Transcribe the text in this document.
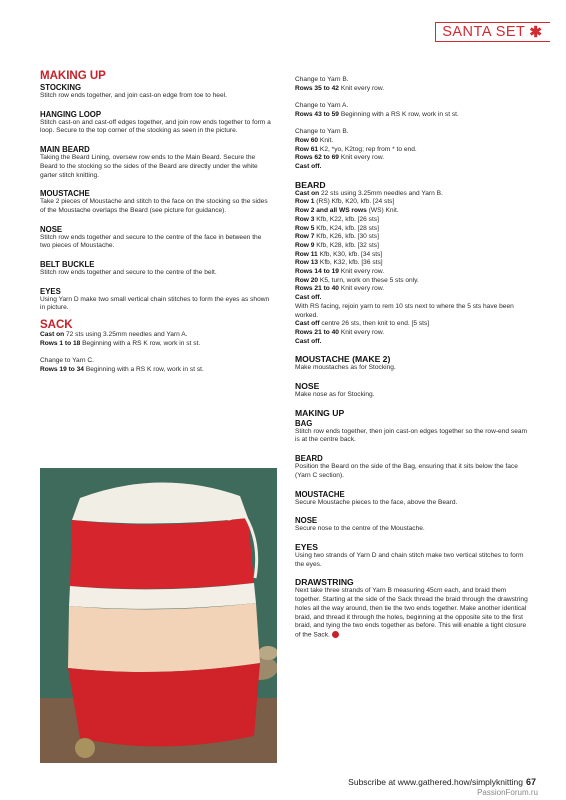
SANTA SET ✱
MAKING UP
STOCKING

Stitch row ends together, and join cast-on edge from toe to heel.

HANGING LOOP

Stitch cast-on and cast-off edges together, and join row ends together to form a loop. Secure to the top corner of the stocking as seen in the picture.

MAIN BEARD

Taking the Beard Lining, oversew row ends to the Main Beard. Secure the Beard to the stocking so the sides of the Beard are directly under the white garter stitch knitting.

MOUSTACHE

Take 2 pieces of Moustache and stitch to the face on the stocking so the sides of the Moustache overlaps the Beard (see picture for guidance).

NOSE

Stitch row ends together and secure to the centre of the face in between the two pieces of Moustache.

BELT BUCKLE

Stitch row ends together and secure to the centre of the belt.

EYES

Using Yarn D make two small vertical chain stitches to form the eyes as shown in picture.

SACK

Cast on 72 sts using 3.25mm needles and Yarn A.

Rows 1 to 18 Beginning with a RS K row, work in st st.

Change to Yarn C.

Rows 19 to 34 Beginning with a RS K row, work in st st.

Change to Yarn B.

Rows 35 to 42 Knit every row.

Change to Yarn A.

Rows 43 to 59 Beginning with a RS K row, work in st st.

Change to Yarn B.

Row 60 Knit.

Row 61 K2, *yo, K2tog; rep from * to end.

Rows 62 to 69 Knit every row.

Cast off.

BEARD

Cast on 22 sts using 3.25mm needles and Yarn B.

Row 1 (RS) Kfb, K20, kfb. [24 sts]

Row 2 and all WS rows (WS) Knit.

Row 3 Kfb, K22, kfb. [26 sts]

Row 5 Kfb, K24, kfb. [28 sts]

Row 7 Kfb, K26, kfb. [30 sts]

Row 9 Kfb, K28, kfb. [32 sts]

Row 11 Kfb, K30, kfb. [34 sts]

Row 13 Kfb, K32, kfb. [36 sts]

Rows 14 to 19 Knit every row.

Row 20 K5, turn, work on these 5 sts only.

Rows 21 to 40 Knit every row.

Cast off.

With RS facing, rejoin yarn to rem 10 sts next to where the 5 sts have been worked.

Cast off centre 26 sts, then knit to end. [5 sts]

Rows 21 to 40 Knit every row.

Cast off.

MOUSTACHE (MAKE 2)

Make moustaches as for Stocking.

NOSE

Make nose as for Stocking.

MAKING UP
BAG

Stitch row ends together, then join cast-on edges together so the row-end seam is at the centre back.

BEARD

Position the Beard on the side of the Bag, ensuring that it sits below the face (Yarn C section).

MOUSTACHE

Secure Moustache pieces to the face, above the Beard.

NOSE

Secure nose to the centre of the Moustache.

EYES

Using two strands of Yarn D and chain stitch make two vertical stitches to form the eyes.

DRAWSTRING

Next take three strands of Yarn B measuring 45cm each, and braid them together. Starting at the side of the Sack thread the braid through the drawstring holes all the way around, then tie the two ends together. Make another identical braid, and thread it through the holes, beginning at the opposite site to the first braid, and tying the two ends together as before. This will enable a tight closure of the Sack.

Subscribe at www.gathered.how/simplyknitting 67
PassionForum.ru
